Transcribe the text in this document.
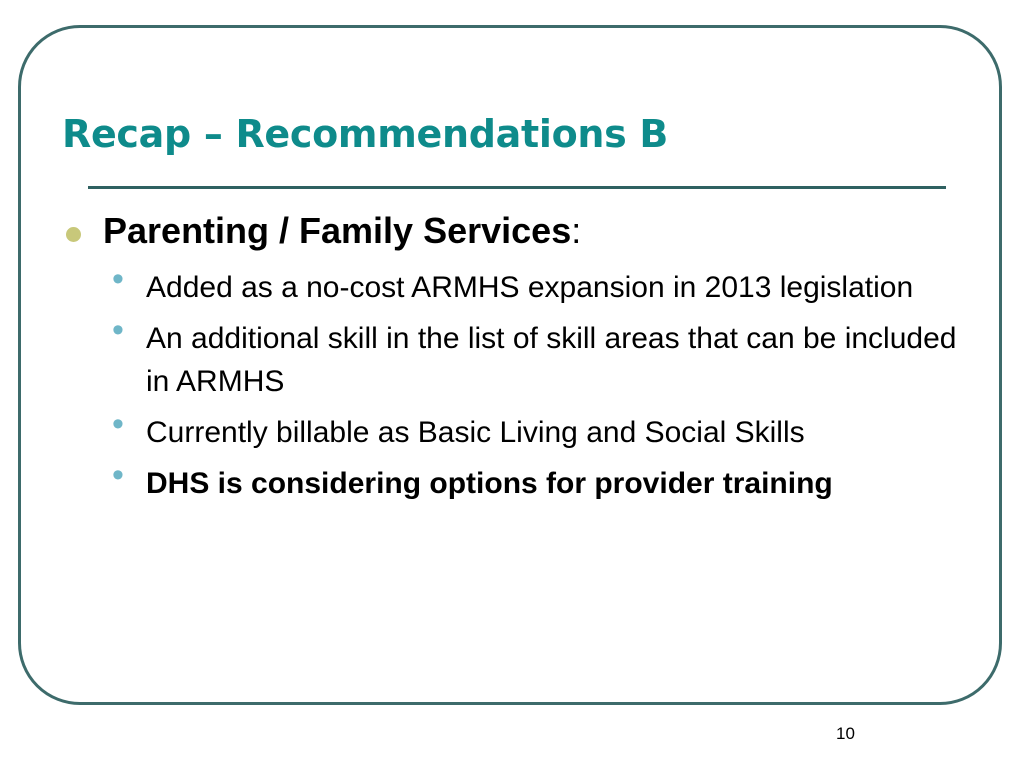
Recap – Recommendations B
Parenting / Family Services:
• Added as a no-cost ARMHS expansion in 2013 legislation
• An additional skill in the list of skill areas that can be included in ARMHS
• Currently billable as Basic Living and Social Skills
• DHS is considering options for provider training
10
